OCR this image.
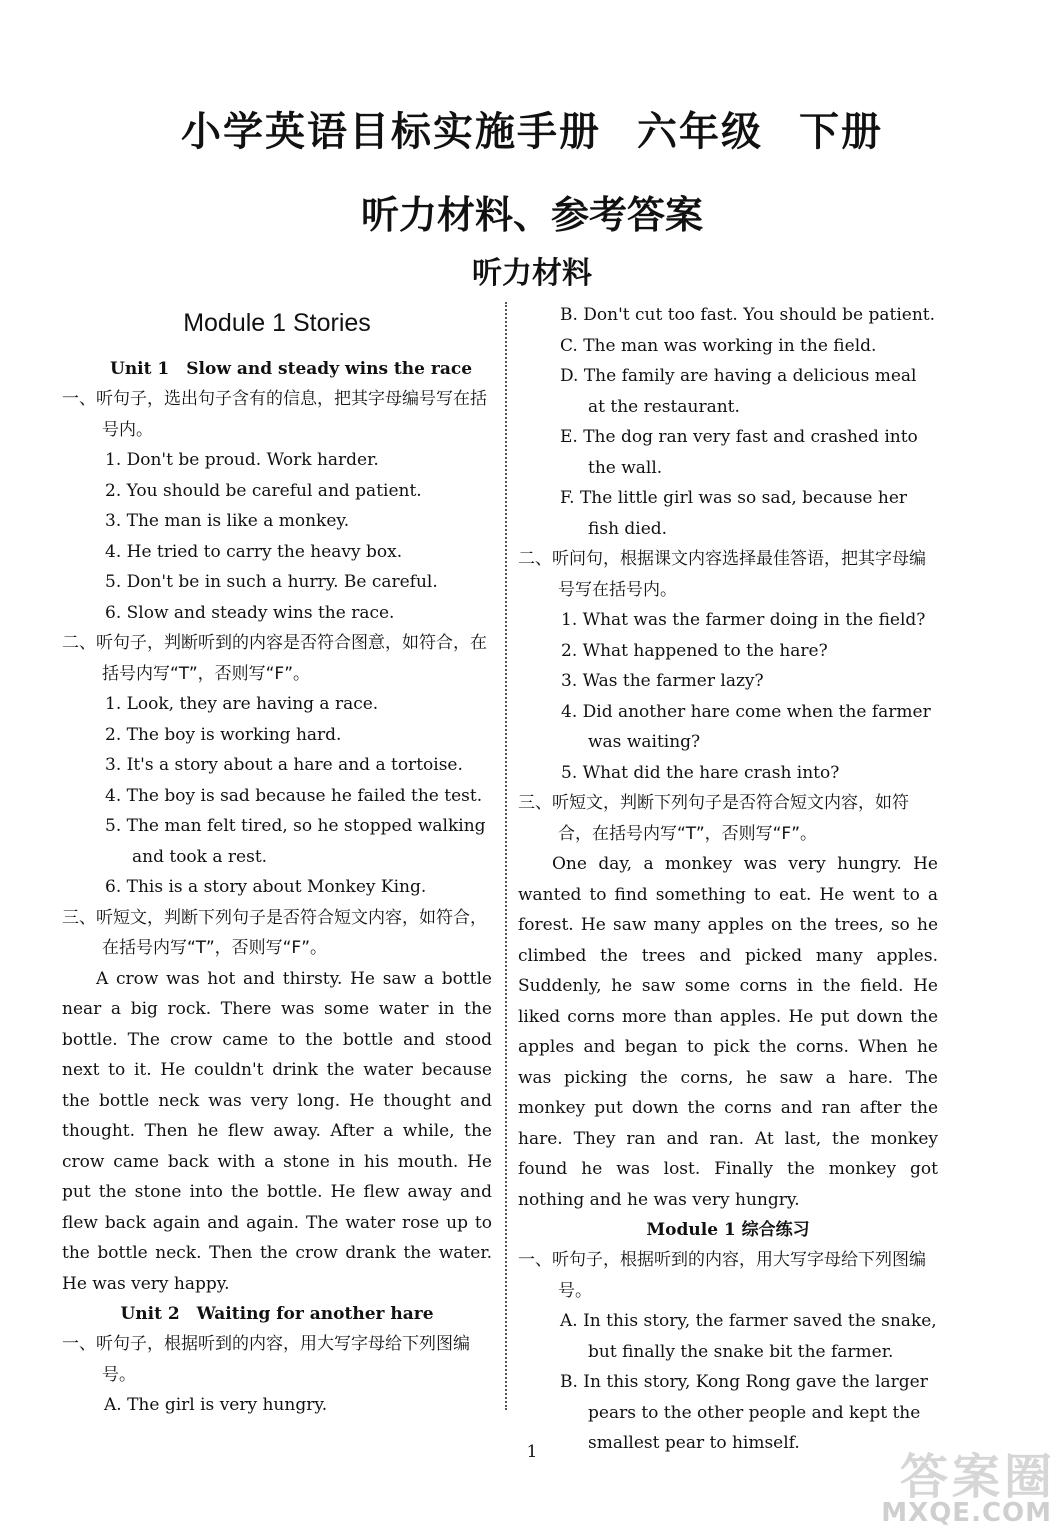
小学英语目标实施手册 六年级 下册
听力材料、参考答案
听力材料
Module 1 Stories

Unit 1　Slow and steady wins the race

一、听句子，选出句子含有的信息，把其字母编号写在括号内。

1. Don't be proud. Work harder.

2. You should be careful and patient.

3. The man is like a monkey.

4. He tried to carry the heavy box.

5. Don't be in such a hurry. Be careful.

6. Slow and steady wins the race.

二、听句子，判断听到的内容是否符合图意，如符合，在括号内写“T”，否则写“F”。

1. Look, they are having a race.

2. The boy is working hard.

3. It's a story about a hare and a tortoise.

4. The boy is sad because he failed the test.

5. The man felt tired, so he stopped walking and took a rest.

6. This is a story about Monkey King.

三、听短文，判断下列句子是否符合短文内容，如符合，在括号内写“T”，否则写“F”。

A crow was hot and thirsty. He saw a bottle near a big rock. There was some water in the bottle. The crow came to the bottle and stood next to it. He couldn't drink the water because the bottle neck was very long. He thought and thought. Then he flew away. After a while, the crow came back with a stone in his mouth. He put the stone into the bottle. He flew away and flew back again and again. The water rose up to the bottle neck. Then the crow drank the water. He was very happy.

Unit 2　Waiting for another hare

一、听句子，根据听到的内容，用大写字母给下列图编号。

A. The girl is very hungry.

B. Don't cut too fast. You should be patient.

C. The man was working in the field.

D. The family are having a delicious meal at the restaurant.

E. The dog ran very fast and crashed into the wall.

F. The little girl was so sad, because her fish died.

二、听问句，根据课文内容选择最佳答语，把其字母编号写在括号内。

1. What was the farmer doing in the field?

2. What happened to the hare?

3. Was the farmer lazy?

4. Did another hare come when the farmer was waiting?

5. What did the hare crash into?

三、听短文，判断下列句子是否符合短文内容，如符合，在括号内写“T”，否则写“F”。

One day, a monkey was very hungry. He wanted to find something to eat. He went to a forest. He saw many apples on the trees, so he climbed the trees and picked many apples. Suddenly, he saw some corns in the field. He liked corns more than apples. He put down the apples and began to pick the corns. When he was picking the corns, he saw a hare. The monkey put down the corns and ran after the hare. They ran and ran. At last, the monkey found he was lost. Finally the monkey got nothing and he was very hungry.

Module 1 综合练习

一、听句子，根据听到的内容，用大写字母给下列图编号。

A. In this story, the farmer saved the snake, but finally the snake bit the farmer.

B. In this story, Kong Rong gave the larger pears to the other people and kept the smallest pear to himself.

1	答案圈
MXQE.COM
